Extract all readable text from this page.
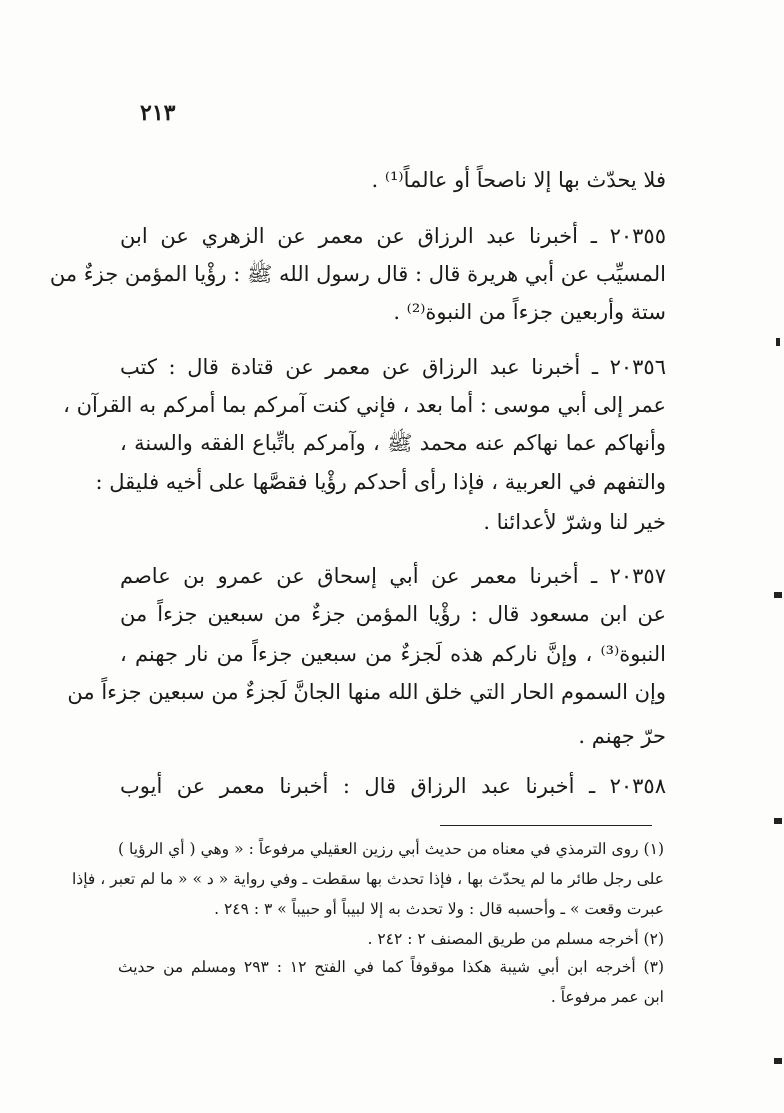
٢١٣
فلا يحدّث بها إلا ناصحاً أو عالماً⁽¹⁾ .
٢٠٣٥٥ ـ أخبرنا عبد الرزاق عن معمر عن الزهري عن ابن
المسيِّب عن أبي هريرة قال : قال رسول الله ﷺ : رؤْيا المؤمن جزءٌ من
ستة وأربعين جزءاً من النبوة⁽²⁾ .
٢٠٣٥٦ ـ أخبرنا عبد الرزاق عن معمر عن قتادة قال : كتب
عمر إلى أبي موسى : أما بعد ، فإني كنت آمركم بما أمركم به القرآن ،
وأنهاكم عما نهاكم عنه محمد ﷺ ، وآمركم باتِّباع الفقه والسنة ،
والتفهم في العربية ، فإذا رأى أحدكم رؤْيا فقصَّها على أخيه فليقل :
خير لنا وشرّ لأعدائنا .
٢٠٣٥٧ ـ أخبرنا معمر عن أبي إسحاق عن عمرو بن عاصم
عن ابن مسعود قال : رؤْيا المؤمن جزءٌ من سبعين جزءاً من
النبوة⁽³⁾ ، وإنَّ ناركم هذه لَجزءٌ من سبعين جزءاً من نار جهنم ،
وإن السموم الحار التي خلق الله منها الجانَّ لَجزءٌ من سبعين جزءاً من
حرّ جهنم .
٢٠٣٥٨ ـ أخبرنا عبد الرزاق قال : أخبرنا معمر عن أيوب
(١) روى الترمذي في معناه من حديث أبي رزين العقيلي مرفوعاً : « وهي ( أي الرؤيا )
على رجل طائر ما لم يحدّث بها ، فإذا تحدث بها سقطت ـ وفي رواية « د » « ما لم تعبر ، فإذا
عبرت وقعت » ـ وأحسبه قال : ولا تحدث به إلا لبيباً أو حبيباً » ٣ : ٢٤٩ .
(٢) أخرجه مسلم من طريق المصنف ٢ : ٢٤٢ .
(٣) أخرجه ابن أبي شيبة هكذا موقوفاً كما في الفتح ١٢ : ٢٩٣ ومسلم من حديث
ابن عمر مرفوعاً .
